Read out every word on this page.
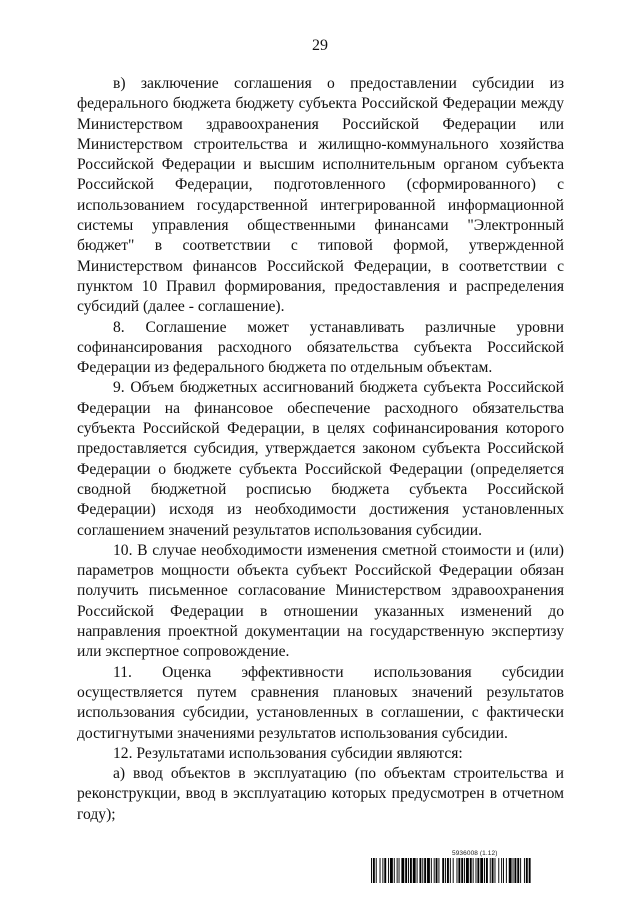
29

в) заключение соглашения о предоставлении субсидии из федерального бюджета бюджету субъекта Российской Федерации между Министерством здравоохранения Российской Федерации или Министерством строительства и жилищно-коммунального хозяйства Российской Федерации и высшим исполнительным органом субъекта Российской Федерации, подготовленного (сформированного) с использованием государственной интегрированной информационной системы управления общественными финансами "Электронный бюджет" в соответствии с типовой формой, утвержденной Министерством финансов Российской Федерации, в соответствии с пунктом 10 Правил формирования, предоставления и распределения субсидий (далее - соглашение).

8. Соглашение может устанавливать различные уровни софинансирования расходного обязательства субъекта Российской Федерации из федерального бюджета по отдельным объектам.

9. Объем бюджетных ассигнований бюджета субъекта Российской Федерации на финансовое обеспечение расходного обязательства субъекта Российской Федерации, в целях софинансирования которого предоставляется субсидия, утверждается законом субъекта Российской Федерации о бюджете субъекта Российской Федерации (определяется сводной бюджетной росписью бюджета субъекта Российской Федерации) исходя из необходимости достижения установленных соглашением значений результатов использования субсидии.

10. В случае необходимости изменения сметной стоимости и (или) параметров мощности объекта субъект Российской Федерации обязан получить письменное согласование Министерством здравоохранения Российской Федерации в отношении указанных изменений до направления проектной документации на государственную экспертизу или экспертное сопровождение.

11. Оценка эффективности использования субсидии осуществляется путем сравнения плановых значений результатов использования субсидии, установленных в соглашении, с фактически достигнутыми значениями результатов использования субсидии.

12. Результатами использования субсидии являются:

а) ввод объектов в эксплуатацию (по объектам строительства и реконструкции, ввод в эксплуатацию которых предусмотрен в отчетном году);

5936008 (1.12)
